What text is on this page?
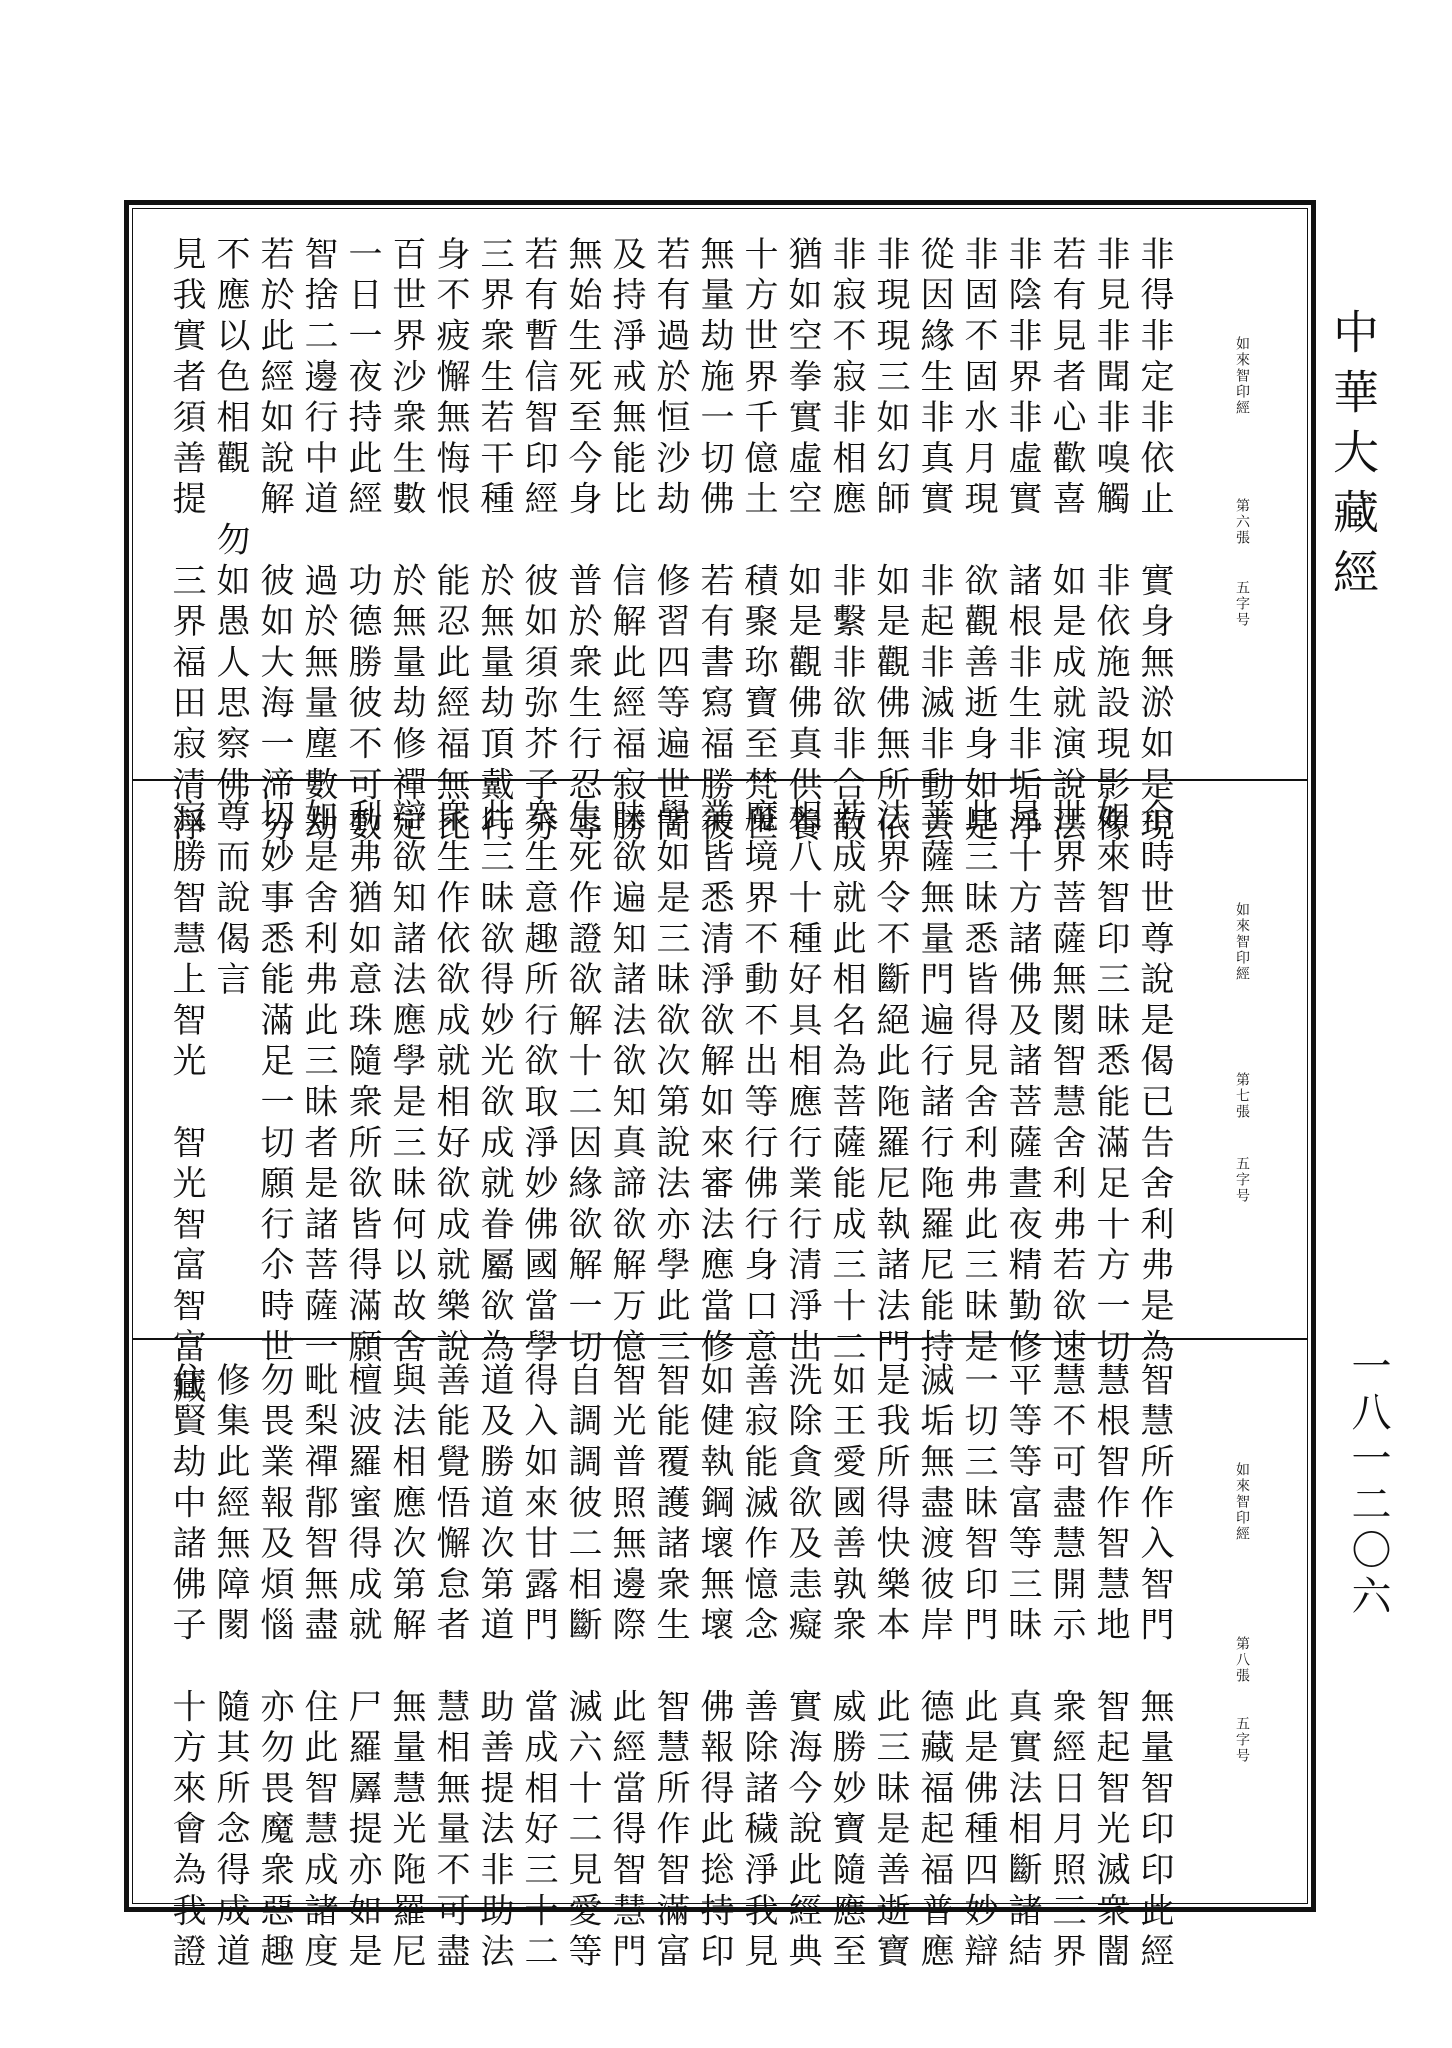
中華大藏經
一八一二〇六
如來智印經
第六張
五字号
非得非定非依止　實身無淤如是現
非見非聞非嗅觸　非依施設現影像
若有見者心歡喜　如是成就演說法
非陰非界非虛實　諸根非生非垢淨
非固不固水月現　欲觀善逝身如是
從因緣生非真實　非起非滅非動去
非現現三如幻師　如是觀佛無所依
非寂不寂非相應　非繫非欲非合散
猶如空拳實虛空　如是觀佛真供養
十方世界千億土　積聚珎寶至梵世
無量劫施一切佛　若有書寫福勝彼
若有過於恒沙劫　修習四等遍世間
及持淨戒無能比　信解此經福寂勝
無始生死至今身　普於衆生行忍辱
若有暫信智印經　彼如須弥芥子分
三界衆生若干種　於無量劫頂戴行
身不疲懈無悔恨　能忍此經福無比
百世界沙衆生數　於無量劫修禪定
一日一夜持此經　功德勝彼不可數
智捨二邊行中道　過於無量塵數劫
若於此經如說解　彼如大海一渧分
不應以色相觀　勿如愚人思察佛
見我實者須善提　三界福田寂清淨
如來智印經
第七張
五字号
尒時世尊說是偈已告舍利弗是為
如來智印三昧悉能滿足十方一切
世界菩薩無閡智慧舍利弗若欲速
見十方諸佛及諸菩薩晝夜精勤修
此三昧悉皆得見舍利弗此三昧是
菩薩無量門遍行諸行陁羅尼能持
法界令不斷絕此陁羅尼執諸法門
若成就此相名為菩薩能成三十二
相八十種好具相應行業行清淨出
魔境界不動不出等行佛行身口意
業皆悉清淨欲解如來審法應當修
學如是三昧欲次第說法亦學此三
昧欲遍知諸法欲知真諦欲解万億
生死作證欲解十二因緣欲解一切
衆生意趣所行欲取淨妙佛國當學
此三昧欲得妙光欲成就眷屬欲為
衆生作依欲成就相好欲成就樂說
辯欲知諸法應學是三昧何以故舍
利弗猶如意珠隨衆所欲皆得滿願
如是舍利弗此三昧者是諸菩薩一
切妙事悉能滿足一切願行尒時世
尊而說偈言
寂勝智慧上智光　智光智富智富藏
如來智印經
第八張
五字号
智慧所作入智門　無量智印印此經
慧根智作智慧地　智起智光滅衆闇
慧不可盡慧開示　衆經日月照三界
平等等富等三昧　真實法相斷諸結
一切三昧智印門　此是佛種四妙辯
滅垢無盡渡彼岸　德藏福起福普應
是我所得快樂本　此三昧是善逝寶
如王愛國善孰衆　威勝妙寶隨應至
洗除貪欲及恚癡　實海今說此經典
善寂能滅作憶念　善除諸穢淨我見
如健執鋼壞無壞　佛報得此捴持印
智能覆護諸衆生　智慧所作智滿富
智光普照無邊際　此經當得智慧門
自調調彼二相斷　滅六十二見愛等
得入如來甘露門　當成相好三十二
道及勝道次第道　助善提法非助法
善能覺悟懈怠者　慧相無量不可盡
與法相應次第解　無量慧光陁羅尼
檀波羅蜜得成就　尸羅羼提亦如是
毗梨禪鄁智無盡　住此智慧成諸度
勿畏業報及煩惱　亦勿畏魔衆惡趣
修集此經無障閡　隨其所念得成道
住賢劫中諸佛子　十方來會為我證
